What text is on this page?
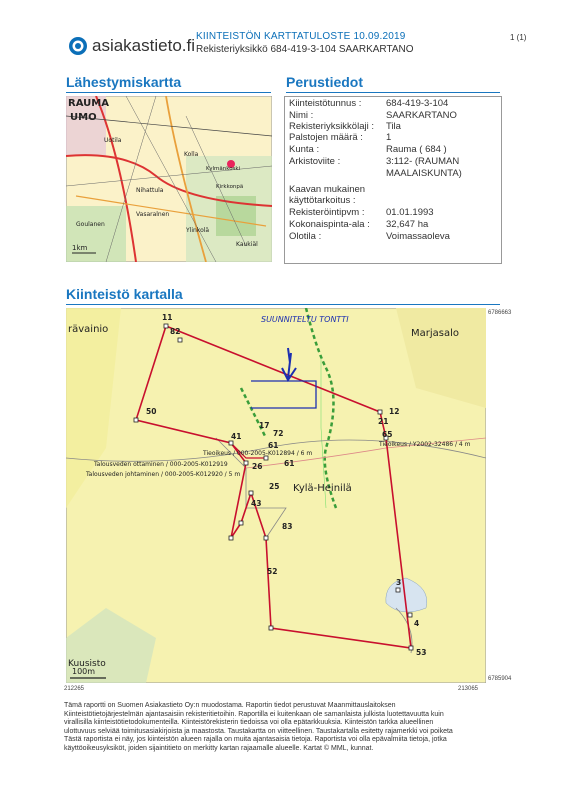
asiakastieto.fi KIINTEISTÖN KARTTATULOSTE 10.09.2019
Rekisteriyksikkö 684-419-3-104 SAARKARTANO
1 (1)
Lähestymiskartta	Perustiedot
RAUMA
UMO
Uotila
Kolla
Nihattula
Vasaralnen
Goulanen
Ylinkolä
Kaukiäl
Kylmänkoski
Kirkkonpä
1km
Kiinteistötunnus :	684-419-3-104
Nimi :	SAARKARTANO
Rekisteriyksikkölaji : Tila
Palstojen määrä : 1
Kunta :	Rauma ( 684 )
Arkistoviite :	3:112- (RAUMAN
MAALAISKUNTA)
Kaavan mukainen
käyttötarkoitus :
Rekisteröintipvm : 01.01.1993
Kokonaispinta-ala : 32,647 ha
Olotila :	Voimassaoleva
Kiinteistö kartalla
SUUNNITELTU TONTTI
11
82
50
41
17
72
61
26
25
43
83
52
12
21
65
3
4
53
61
rävainio	Marjasalo
Kylä-Heinilä
Kuusisto
100m
Tieoikeus / 000-2005-K012894 / 6 m
Talousveden ottaminen / 000-2005-K012919
Talousveden johtaminen / 000-2005-K012920 / 5 m
Tieoikeus / Y2002-32486 / 4 m
6786663
6785904
212265	213065

Tämä raportti on Suomen Asiakastieto Oy:n muodostama. Raportin tiedot perustuvat Maanmittauslaitoksen

Kiinteistötietojärjestelmän ajantasaisiin rekisteritietoihin. Raportilla ei kuitenkaan ole samanlaista julkista luotettavuutta kuin

virallisilla kiinteistötietodokumenteilla. Kiinteistörekisterin tiedoissa voi olla epätarkkuuksia. Kiinteistön tarkka alueellinen

ulottuvuus selviää toimitusasiakirjoista ja maastosta. Taustakartta on viitteellinen. Taustakartalla esitetty rajamerkki voi poiketa

Tästä raportista ei näy, jos kiinteistön alueen rajalla on muita ajantasaisia tietoja. Raportista voi olla epävalmiita tietoja, jotka

käyttöoikeusyksiköt, joiden sijaintitieto on merkitty kartan rajaamalle alueelle. Kartat © MML, kunnat.
